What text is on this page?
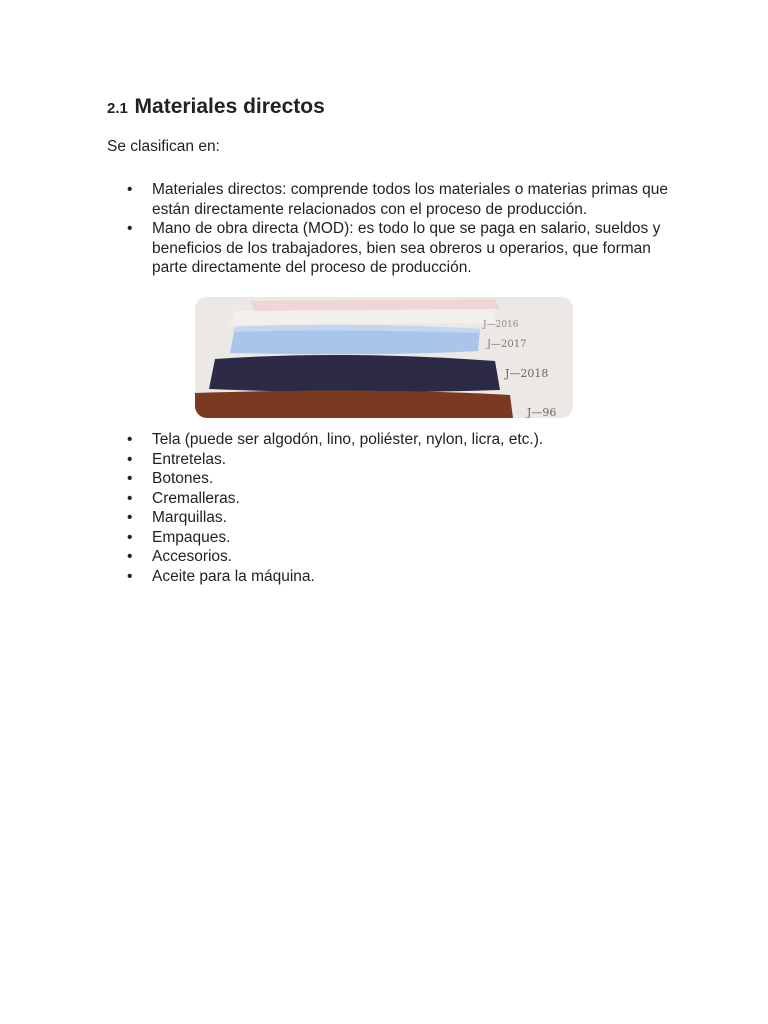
2.1 Materiales directos

Se clasifican en:

• Materiales directos: comprende todos los materiales o materias primas que están directamente relacionados con el proceso de producción.
• Mano de obra directa (MOD): es todo lo que se paga en salario, sueldos y beneficios de los trabajadores, bien sea obreros u operarios, que forman parte directamente del proceso de producción.
J—2016
J—2017
J—2018
J—96
• Tela (puede ser algodón, lino, poliéster, nylon, licra, etc.).
• Entretelas.
• Botones.
• Cremalleras.
• Marquillas.
• Empaques.
• Accesorios.
• Aceite para la máquina.
